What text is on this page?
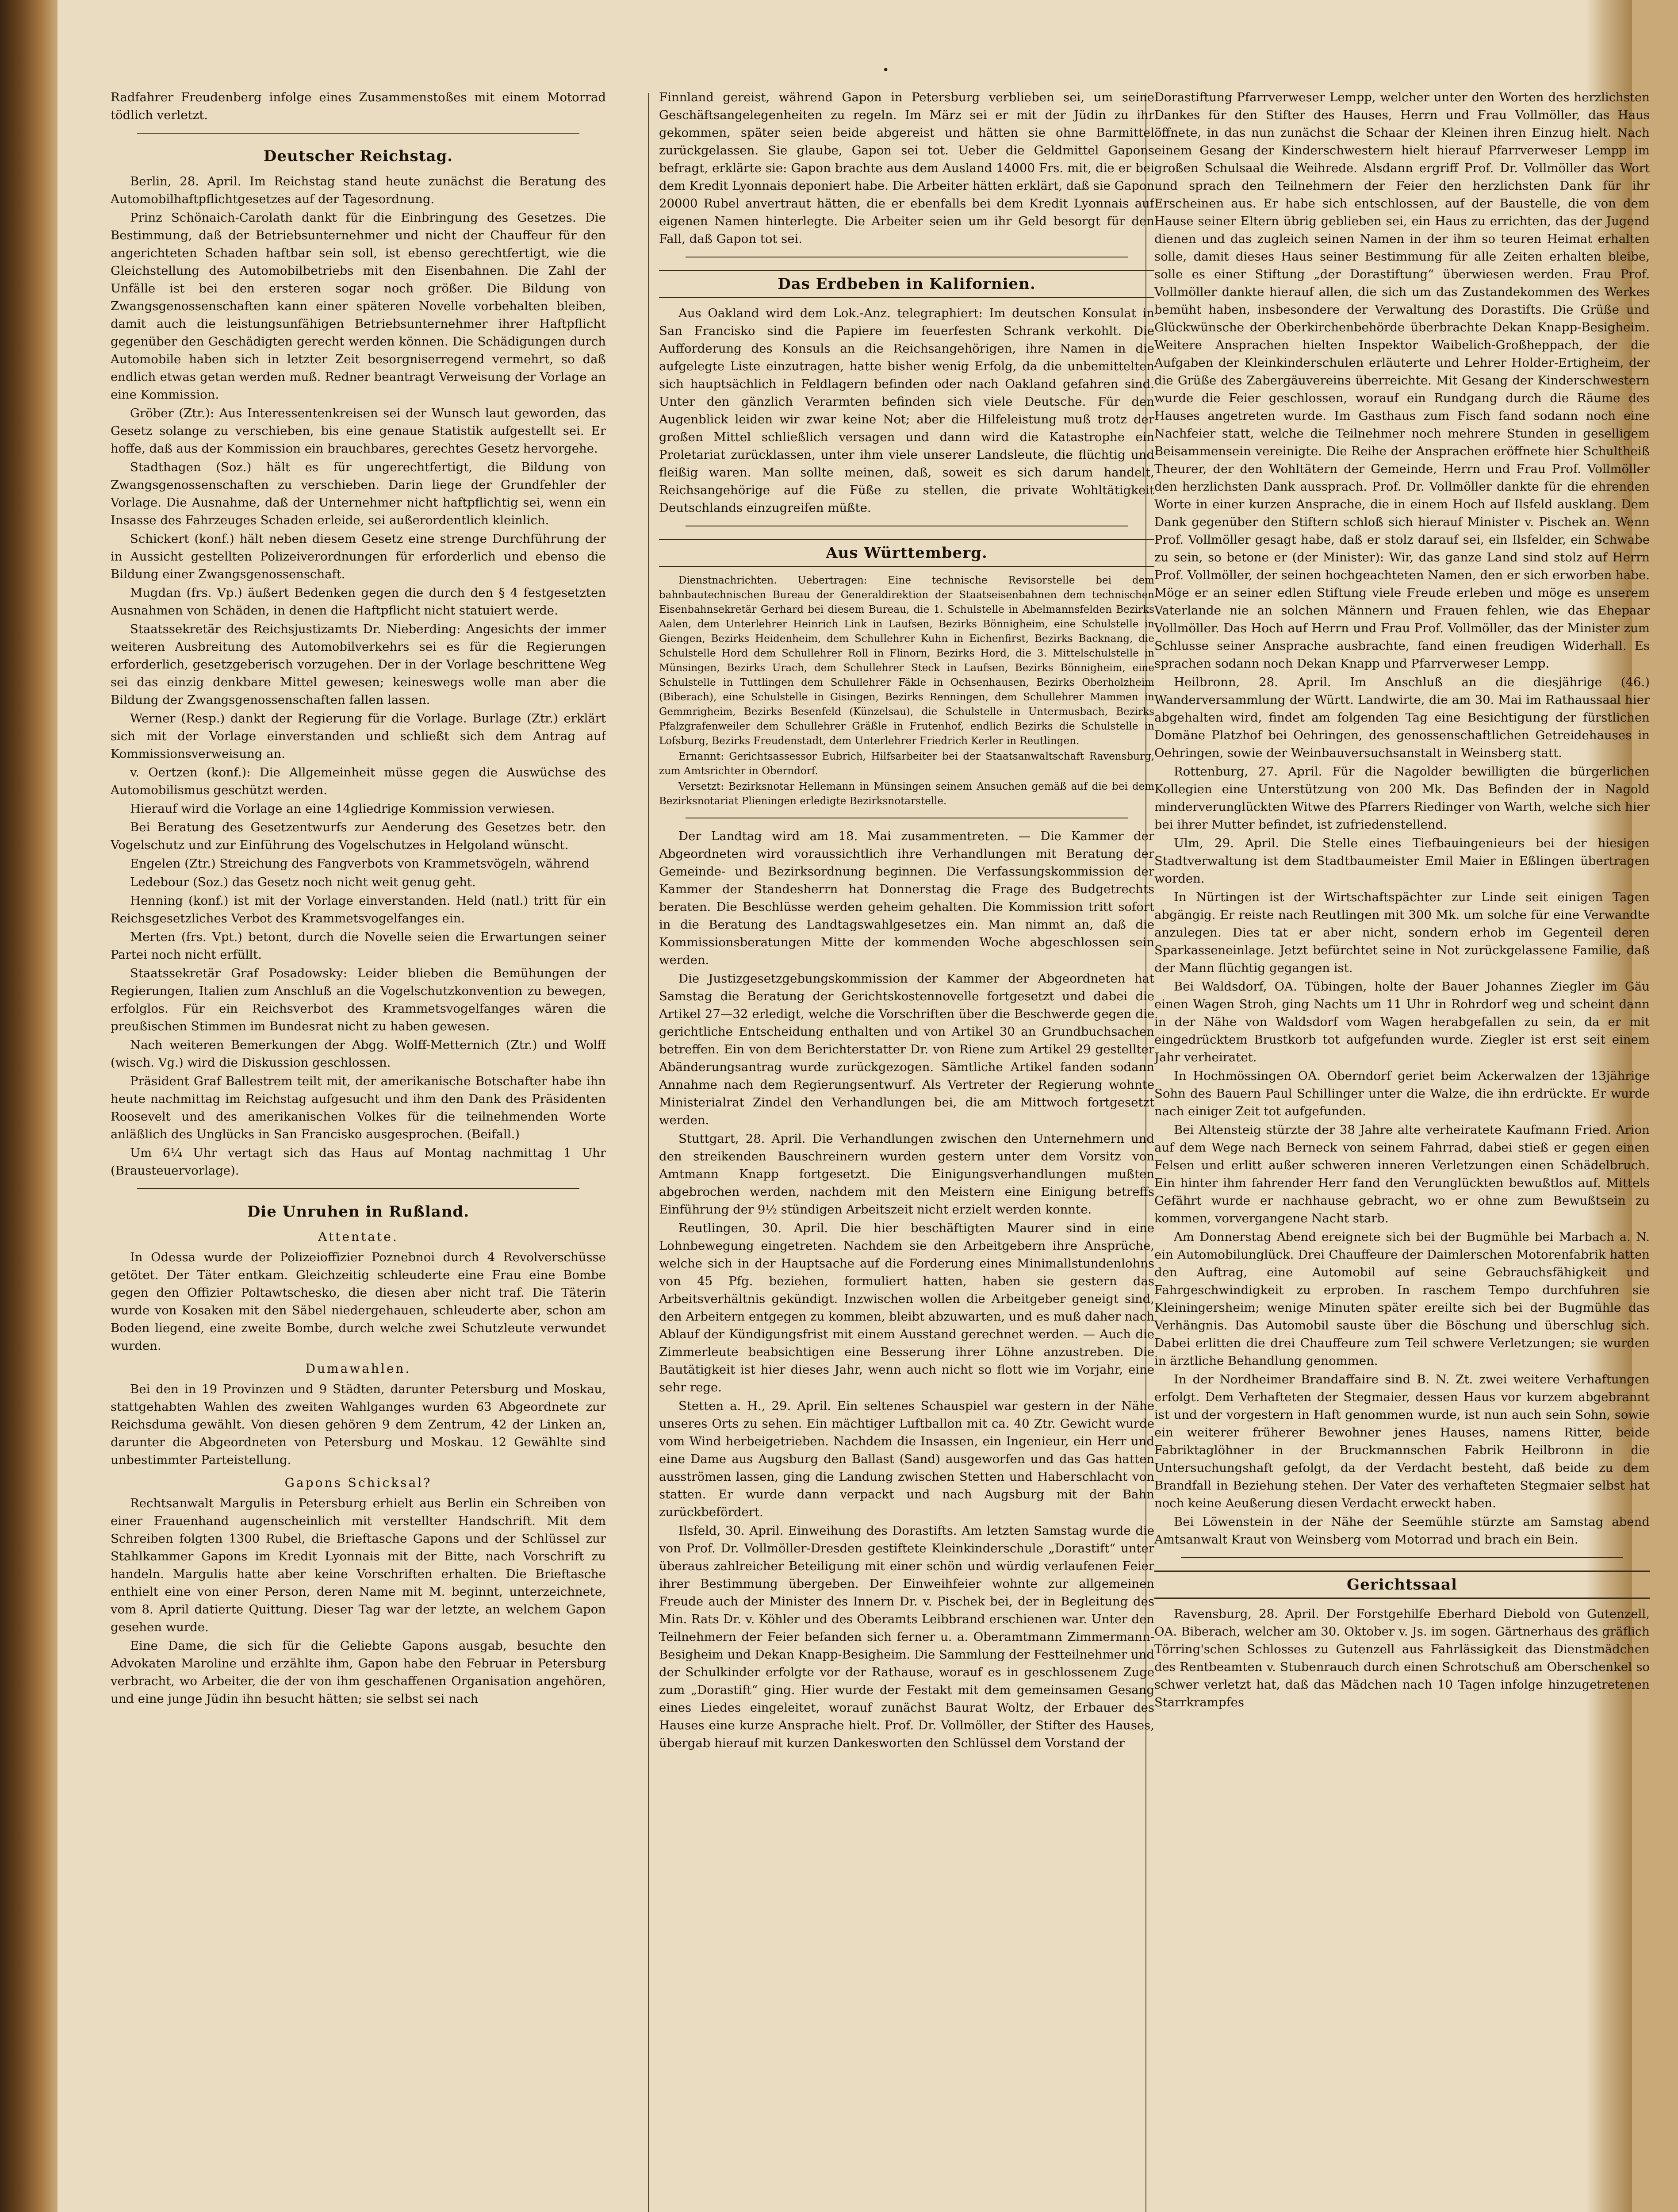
•

Radfahrer Freudenberg infolge eines Zusammenstoßes mit einem Motorrad tödlich verletzt.

Deutscher Reichstag.

Berlin, 28. April. Im Reichstag stand heute zunächst die Beratung des Automobilhaftpflichtgesetzes auf der Tagesordnung.

Prinz Schönaich-Carolath dankt für die Einbringung des Gesetzes. Die Bestimmung, daß der Betriebsunternehmer und nicht der Chauffeur für den angerichteten Schaden haftbar sein soll, ist ebenso gerechtfertigt, wie die Gleichstellung des Automobilbetriebs mit den Eisenbahnen. Die Zahl der Unfälle ist bei den ersteren sogar noch größer. Die Bildung von Zwangsgenossenschaften kann einer späteren Novelle vorbehalten bleiben, damit auch die leistungsunfähigen Betriebsunternehmer ihrer Haftpflicht gegenüber den Geschädigten gerecht werden können. Die Schädigungen durch Automobile haben sich in letzter Zeit besorgniserregend vermehrt, so daß endlich etwas getan werden muß. Redner beantragt Verweisung der Vorlage an eine Kommission.

Gröber (Ztr.): Aus Interessentenkreisen sei der Wunsch laut geworden, das Gesetz solange zu verschieben, bis eine genaue Statistik aufgestellt sei. Er hoffe, daß aus der Kommission ein brauchbares, gerechtes Gesetz hervorgehe.

Stadthagen (Soz.) hält es für ungerechtfertigt, die Bildung von Zwangsgenossenschaften zu verschieben. Darin liege der Grundfehler der Vorlage. Die Ausnahme, daß der Unternehmer nicht haftpflichtig sei, wenn ein Insasse des Fahrzeuges Schaden erleide, sei außerordentlich kleinlich.

Schickert (konf.) hält neben diesem Gesetz eine strenge Durchführung der in Aussicht gestellten Polizeiverordnungen für erforderlich und ebenso die Bildung einer Zwangsgenossenschaft.

Mugdan (frs. Vp.) äußert Bedenken gegen die durch den § 4 festgesetzten Ausnahmen von Schäden, in denen die Haftpflicht nicht statuiert werde.

Staatssekretär des Reichsjustizamts Dr. Nieberding: Angesichts der immer weiteren Ausbreitung des Automobilverkehrs sei es für die Regierungen erforderlich, gesetzgeberisch vorzugehen. Der in der Vorlage beschrittene Weg sei das einzig denkbare Mittel gewesen; keineswegs wolle man aber die Bildung der Zwangsgenossenschaften fallen lassen.

Werner (Resp.) dankt der Regierung für die Vorlage. Burlage (Ztr.) erklärt sich mit der Vorlage einverstanden und schließt sich dem Antrag auf Kommissionsverweisung an.

v. Oertzen (konf.): Die Allgemeinheit müsse gegen die Auswüchse des Automobilismus geschützt werden.

Hierauf wird die Vorlage an eine 14gliedrige Kommission verwiesen.

Bei Beratung des Gesetzentwurfs zur Aenderung des Gesetzes betr. den Vogelschutz und zur Einführung des Vogelschutzes in Helgoland wünscht.

Engelen (Ztr.) Streichung des Fangverbots von Krammetsvögeln, während

Ledebour (Soz.) das Gesetz noch nicht weit genug geht.

Henning (konf.) ist mit der Vorlage einverstanden. Held (natl.) tritt für ein Reichsgesetzliches Verbot des Krammetsvogelfanges ein.

Merten (frs. Vpt.) betont, durch die Novelle seien die Erwartungen seiner Partei noch nicht erfüllt.

Staatssekretär Graf Posadowsky: Leider blieben die Bemühungen der Regierungen, Italien zum Anschluß an die Vogelschutzkonvention zu bewegen, erfolglos. Für ein Reichsverbot des Krammetsvogelfanges wären die preußischen Stimmen im Bundesrat nicht zu haben gewesen.

Nach weiteren Bemerkungen der Abgg. Wolff-Metternich (Ztr.) und Wolff (wisch. Vg.) wird die Diskussion geschlossen.

Präsident Graf Ballestrem teilt mit, der amerikanische Botschafter habe ihn heute nachmittag im Reichstag aufgesucht und ihm den Dank des Präsidenten Roosevelt und des amerikanischen Volkes für die teilnehmenden Worte anläßlich des Unglücks in San Francisko ausgesprochen. (Beifall.)

Um 6¼ Uhr vertagt sich das Haus auf Montag nachmittag 1 Uhr (Brausteuervorlage).

Die Unruhen in Rußland.
Attentate.

In Odessa wurde der Polizeioffizier Poznebnoi durch 4 Revolverschüsse getötet. Der Täter entkam. Gleichzeitig schleuderte eine Frau eine Bombe gegen den Offizier Poltawtschesko, die diesen aber nicht traf. Die Täterin wurde von Kosaken mit den Säbel niedergehauen, schleuderte aber, schon am Boden liegend, eine zweite Bombe, durch welche zwei Schutzleute verwundet wurden.

Dumawahlen.

Bei den in 19 Provinzen und 9 Städten, darunter Petersburg und Moskau, stattgehabten Wahlen des zweiten Wahlganges wurden 63 Abgeordnete zur Reichsduma gewählt. Von diesen gehören 9 dem Zentrum, 42 der Linken an, darunter die Abgeordneten von Petersburg und Moskau. 12 Gewählte sind unbestimmter Parteistellung.

Gapons Schicksal?

Rechtsanwalt Margulis in Petersburg erhielt aus Berlin ein Schreiben von einer Frauenhand augenscheinlich mit verstellter Handschrift. Mit dem Schreiben folgten 1300 Rubel, die Brieftasche Gapons und der Schlüssel zur Stahlkammer Gapons im Kredit Lyonnais mit der Bitte, nach Vorschrift zu handeln. Margulis hatte aber keine Vorschriften erhalten. Die Brieftasche enthielt eine von einer Person, deren Name mit M. beginnt, unterzeichnete, vom 8. April datierte Quittung. Dieser Tag war der letzte, an welchem Gapon gesehen wurde.

Eine Dame, die sich für die Geliebte Gapons ausgab, besuchte den Advokaten Maroline und erzählte ihm, Gapon habe den Februar in Petersburg verbracht, wo Arbeiter, die der von ihm geschaffenen Organisation angehören, und eine junge Jüdin ihn besucht hätten; sie selbst sei nach

Finnland gereist, während Gapon in Petersburg verblieben sei, um seine Geschäftsangelegenheiten zu regeln. Im März sei er mit der Jüdin zu ihr gekommen, später seien beide abgereist und hätten sie ohne Barmittel zurückgelassen. Sie glaube, Gapon sei tot. Ueber die Geldmittel Gapons befragt, erklärte sie: Gapon brachte aus dem Ausland 14000 Frs. mit, die er bei dem Kredit Lyonnais deponiert habe. Die Arbeiter hätten erklärt, daß sie Gapon 20000 Rubel anvertraut hätten, die er ebenfalls bei dem Kredit Lyonnais auf eigenen Namen hinterlegte. Die Arbeiter seien um ihr Geld besorgt für den Fall, daß Gapon tot sei.

Das Erdbeben in Kalifornien.

Aus Oakland wird dem Lok.-Anz. telegraphiert: Im deutschen Konsulat in San Francisko sind die Papiere im feuerfesten Schrank verkohlt. Die Aufforderung des Konsuls an die Reichsangehörigen, ihre Namen in die aufgelegte Liste einzutragen, hatte bisher wenig Erfolg, da die unbemittelten sich hauptsächlich in Feldlagern befinden oder nach Oakland gefahren sind. Unter den gänzlich Verarmten befinden sich viele Deutsche. Für den Augenblick leiden wir zwar keine Not; aber die Hilfeleistung muß trotz der großen Mittel schließlich versagen und dann wird die Katastrophe ein Proletariat zurücklassen, unter ihm viele unserer Landsleute, die flüchtig und fleißig waren. Man sollte meinen, daß, soweit es sich darum handelt, Reichsangehörige auf die Füße zu stellen, die private Wohltätigkeit Deutschlands einzugreifen müßte.

Aus Württemberg.

Dienstnachrichten. Uebertragen: Eine technische Revisorstelle bei dem bahnbautechnischen Bureau der Generaldirektion der Staatseisenbahnen dem technischen Eisenbahnsekretär Gerhard bei diesem Bureau, die 1. Schulstelle in Abelmannsfelden Bezirks Aalen, dem Unterlehrer Heinrich Link in Laufsen, Bezirks Bönnigheim, eine Schulstelle in Giengen, Bezirks Heidenheim, dem Schullehrer Kuhn in Eichenfirst, Bezirks Backnang, die Schulstelle Hord dem Schullehrer Roll in Flinorn, Bezirks Hord, die 3. Mittelschulstelle in Münsingen, Bezirks Urach, dem Schullehrer Steck in Laufsen, Bezirks Bönnigheim, eine Schulstelle in Tuttlingen dem Schullehrer Fäkle in Ochsenhausen, Bezirks Oberholzheim (Biberach), eine Schulstelle in Gisingen, Bezirks Renningen, dem Schullehrer Mammen in Gemmrigheim, Bezirks Besenfeld (Künzelsau), die Schulstelle in Untermusbach, Bezirks Pfalzgrafenweiler dem Schullehrer Gräßle in Frutenhof, endlich Bezirks die Schulstelle in Lofsburg, Bezirks Freudenstadt, dem Unterlehrer Friedrich Kerler in Reutlingen.

Ernannt: Gerichtsassessor Eubrich, Hilfsarbeiter bei der Staatsanwaltschaft Ravensburg, zum Amtsrichter in Oberndorf.

Versetzt: Bezirksnotar Hellemann in Münsingen seinem Ansuchen gemäß auf die bei dem Bezirksnotariat Plieningen erledigte Bezirksnotarstelle.

Der Landtag wird am 18. Mai zusammentreten. — Die Kammer der Abgeordneten wird voraussichtlich ihre Verhandlungen mit Beratung der Gemeinde- und Bezirksordnung beginnen. Die Verfassungskommission der Kammer der Standesherrn hat Donnerstag die Frage des Budgetrechts beraten. Die Beschlüsse werden geheim gehalten. Die Kommission tritt sofort in die Beratung des Landtagswahlgesetzes ein. Man nimmt an, daß die Kommissionsberatungen Mitte der kommenden Woche abgeschlossen sein werden.

Die Justizgesetzgebungskommission der Kammer der Abgeordneten hat Samstag die Beratung der Gerichtskostennovelle fortgesetzt und dabei die Artikel 27—32 erledigt, welche die Vorschriften über die Beschwerde gegen die gerichtliche Entscheidung enthalten und von Artikel 30 an Grundbuchsachen betreffen. Ein von dem Berichterstatter Dr. von Riene zum Artikel 29 gestellter Abänderungsantrag wurde zurückgezogen. Sämtliche Artikel fanden sodann Annahme nach dem Regierungsentwurf. Als Vertreter der Regierung wohnte Ministerialrat Zindel den Verhandlungen bei, die am Mittwoch fortgesetzt werden.

Stuttgart, 28. April. Die Verhandlungen zwischen den Unternehmern und den streikenden Bauschreinern wurden gestern unter dem Vorsitz von Amtmann Knapp fortgesetzt. Die Einigungsverhandlungen mußten abgebrochen werden, nachdem mit den Meistern eine Einigung betreffs Einführung der 9½ stündigen Arbeitszeit nicht erzielt werden konnte.

Reutlingen, 30. April. Die hier beschäftigten Maurer sind in eine Lohnbewegung eingetreten. Nachdem sie den Arbeitgebern ihre Ansprüche, welche sich in der Hauptsache auf die Forderung eines Minimallstundenlohns von 45 Pfg. beziehen, formuliert hatten, haben sie gestern das Arbeitsverhältnis gekündigt. Inzwischen wollen die Arbeitgeber geneigt sind, den Arbeitern entgegen zu kommen, bleibt abzuwarten, und es muß daher nach Ablauf der Kündigungsfrist mit einem Ausstand gerechnet werden. — Auch die Zimmerleute beabsichtigen eine Besserung ihrer Löhne anzustreben. Die Bautätigkeit ist hier dieses Jahr, wenn auch nicht so flott wie im Vorjahr, eine sehr rege.

Stetten a. H., 29. April. Ein seltenes Schauspiel war gestern in der Nähe unseres Orts zu sehen. Ein mächtiger Luftballon mit ca. 40 Ztr. Gewicht wurde vom Wind herbeigetrieben. Nachdem die Insassen, ein Ingenieur, ein Herr und eine Dame aus Augsburg den Ballast (Sand) ausgeworfen und das Gas hatten ausströmen lassen, ging die Landung zwischen Stetten und Haberschlacht von statten. Er wurde dann verpackt und nach Augsburg mit der Bahn zurückbefördert.

Ilsfeld, 30. April. Einweihung des Dorastifts. Am letzten Samstag wurde die von Prof. Dr. Vollmöller-Dresden gestiftete Kleinkinderschule „Dorastift“ unter überaus zahlreicher Beteiligung mit einer schön und würdig verlaufenen Feier ihrer Bestimmung übergeben. Der Einweihfeier wohnte zur allgemeinen Freude auch der Minister des Innern Dr. v. Pischek bei, der in Begleitung des Min. Rats Dr. v. Köhler und des Oberamts Leibbrand erschienen war. Unter den Teilnehmern der Feier befanden sich ferner u. a. Oberamtmann Zimmermann-Besigheim und Dekan Knapp-Besigheim. Die Sammlung der Festteilnehmer und der Schulkinder erfolgte vor der Rathause, worauf es in geschlossenem Zuge zum „Dorastift“ ging. Hier wurde der Festakt mit dem gemeinsamen Gesang eines Liedes eingeleitet, worauf zunächst Baurat Woltz, der Erbauer des Hauses eine kurze Ansprache hielt. Prof. Dr. Vollmöller, der Stifter des Hauses, übergab hierauf mit kurzen Dankesworten den Schlüssel dem Vorstand der

Dorastiftung Pfarrverweser Lempp, welcher unter den Worten des herzlichsten Dankes für den Stifter des Hauses, Herrn und Frau Vollmöller, das Haus öffnete, in das nun zunächst die Schaar der Kleinen ihren Einzug hielt. Nach einem Gesang der Kinderschwestern hielt hierauf Pfarrverweser Lempp im großen Schulsaal die Weihrede. Alsdann ergriff Prof. Dr. Vollmöller das Wort und sprach den Teilnehmern der Feier den herzlichsten Dank für ihr Erscheinen aus. Er habe sich entschlossen, auf der Baustelle, die von dem Hause seiner Eltern übrig geblieben sei, ein Haus zu errichten, das der Jugend dienen und das zugleich seinen Namen in der ihm so teuren Heimat erhalten solle, damit dieses Haus seiner Bestimmung für alle Zeiten erhalten bleibe, solle es einer Stiftung „der Dorastiftung“ überwiesen werden. Frau Prof. Vollmöller dankte hierauf allen, die sich um das Zustandekommen des Werkes bemüht haben, insbesondere der Verwaltung des Dorastifts. Die Grüße und Glückwünsche der Oberkirchenbehörde überbrachte Dekan Knapp-Besigheim. Weitere Ansprachen hielten Inspektor Waibelich-Großheppach, der die Aufgaben der Kleinkinderschulen erläuterte und Lehrer Holder-Ertigheim, der die Grüße des Zabergäuvereins überreichte. Mit Gesang der Kinderschwestern wurde die Feier geschlossen, worauf ein Rundgang durch die Räume des Hauses angetreten wurde. Im Gasthaus zum Fisch fand sodann noch eine Nachfeier statt, welche die Teilnehmer noch mehrere Stunden in geselligem Beisammensein vereinigte. Die Reihe der Ansprachen eröffnete hier Schultheiß Theurer, der den Wohltätern der Gemeinde, Herrn und Frau Prof. Vollmöller den herzlichsten Dank aussprach. Prof. Dr. Vollmöller dankte für die ehrenden Worte in einer kurzen Ansprache, die in einem Hoch auf Ilsfeld ausklang. Dem Dank gegenüber den Stiftern schloß sich hierauf Minister v. Pischek an. Wenn Prof. Vollmöller gesagt habe, daß er stolz darauf sei, ein Ilsfelder, ein Schwabe zu sein, so betone er (der Minister): Wir, das ganze Land sind stolz auf Herrn Prof. Vollmöller, der seinen hochgeachteten Namen, den er sich erworben habe. Möge er an seiner edlen Stiftung viele Freude erleben und möge es unserem Vaterlande nie an solchen Männern und Frauen fehlen, wie das Ehepaar Vollmöller. Das Hoch auf Herrn und Frau Prof. Vollmöller, das der Minister zum Schlusse seiner Ansprache ausbrachte, fand einen freudigen Widerhall. Es sprachen sodann noch Dekan Knapp und Pfarrverweser Lempp.

Heilbronn, 28. April. Im Anschluß an die diesjährige (46.) Wanderversammlung der Württ. Landwirte, die am 30. Mai im Rathaussaal hier abgehalten wird, findet am folgenden Tag eine Besichtigung der fürstlichen Domäne Platzhof bei Oehringen, des genossenschaftlichen Getreidehauses in Oehringen, sowie der Weinbauversuchsanstalt in Weinsberg statt.

Rottenburg, 27. April. Für die Nagolder bewilligten die bürgerlichen Kollegien eine Unterstützung von 200 Mk. Das Befinden der in Nagold minderverunglückten Witwe des Pfarrers Riedinger von Warth, welche sich hier bei ihrer Mutter befindet, ist zufriedenstellend.

Ulm, 29. April. Die Stelle eines Tiefbauingenieurs bei der hiesigen Stadtverwaltung ist dem Stadtbaumeister Emil Maier in Eßlingen übertragen worden.

In Nürtingen ist der Wirtschaftspächter zur Linde seit einigen Tagen abgängig. Er reiste nach Reutlingen mit 300 Mk. um solche für eine Verwandte anzulegen. Dies tat er aber nicht, sondern erhob im Gegenteil deren Sparkasseneinlage. Jetzt befürchtet seine in Not zurückgelassene Familie, daß der Mann flüchtig gegangen ist.

Bei Waldsdorf, OA. Tübingen, holte der Bauer Johannes Ziegler im Gäu einen Wagen Stroh, ging Nachts um 11 Uhr in Rohrdorf weg und scheint dann in der Nähe von Waldsdorf vom Wagen herabgefallen zu sein, da er mit eingedrücktem Brustkorb tot aufgefunden wurde. Ziegler ist erst seit einem Jahr verheiratet.

In Hochmössingen OA. Oberndorf geriet beim Ackerwalzen der 13jährige Sohn des Bauern Paul Schillinger unter die Walze, die ihn erdrückte. Er wurde nach einiger Zeit tot aufgefunden.

Bei Altensteig stürzte der 38 Jahre alte verheiratete Kaufmann Fried. Arion auf dem Wege nach Berneck von seinem Fahrrad, dabei stieß er gegen einen Felsen und erlitt außer schweren inneren Verletzungen einen Schädelbruch. Ein hinter ihm fahrender Herr fand den Verunglückten bewußtlos auf. Mittels Gefährt wurde er nachhause gebracht, wo er ohne zum Bewußtsein zu kommen, vorvergangene Nacht starb.

Am Donnerstag Abend ereignete sich bei der Bugmühle bei Marbach a. N. ein Automobilunglück. Drei Chauffeure der Daimlerschen Motorenfabrik hatten den Auftrag, eine Automobil auf seine Gebrauchsfähigkeit und Fahrgeschwindigkeit zu erproben. In raschem Tempo durchfuhren sie Kleiningersheim; wenige Minuten später ereilte sich bei der Bugmühle das Verhängnis. Das Automobil sauste über die Böschung und überschlug sich. Dabei erlitten die drei Chauffeure zum Teil schwere Verletzungen; sie wurden in ärztliche Behandlung genommen.

In der Nordheimer Brandaffaire sind B. N. Zt. zwei weitere Verhaftungen erfolgt. Dem Verhafteten der Stegmaier, dessen Haus vor kurzem abgebrannt ist und der vorgestern in Haft genommen wurde, ist nun auch sein Sohn, sowie ein weiterer früherer Bewohner jenes Hauses, namens Ritter, beide Fabriktaglöhner in der Bruckmannschen Fabrik Heilbronn in die Untersuchungshaft gefolgt, da der Verdacht besteht, daß beide zu dem Brandfall in Beziehung stehen. Der Vater des verhafteten Stegmaier selbst hat noch keine Aeußerung diesen Verdacht erweckt haben.

Bei Löwenstein in der Nähe der Seemühle stürzte am Samstag abend Amtsanwalt Kraut von Weinsberg vom Motorrad und brach ein Bein.

Gerichtssaal

Ravensburg, 28. April. Der Forstgehilfe Eberhard Diebold von Gutenzell, OA. Biberach, welcher am 30. Oktober v. Js. im sogen. Gärtnerhaus des gräflich Törring'schen Schlosses zu Gutenzell aus Fahrlässigkeit das Dienstmädchen des Rentbeamten v. Stubenrauch durch einen Schrotschuß am Oberschenkel so schwer verletzt hat, daß das Mädchen nach 10 Tagen infolge hinzugetretenen Starrkrampfes
